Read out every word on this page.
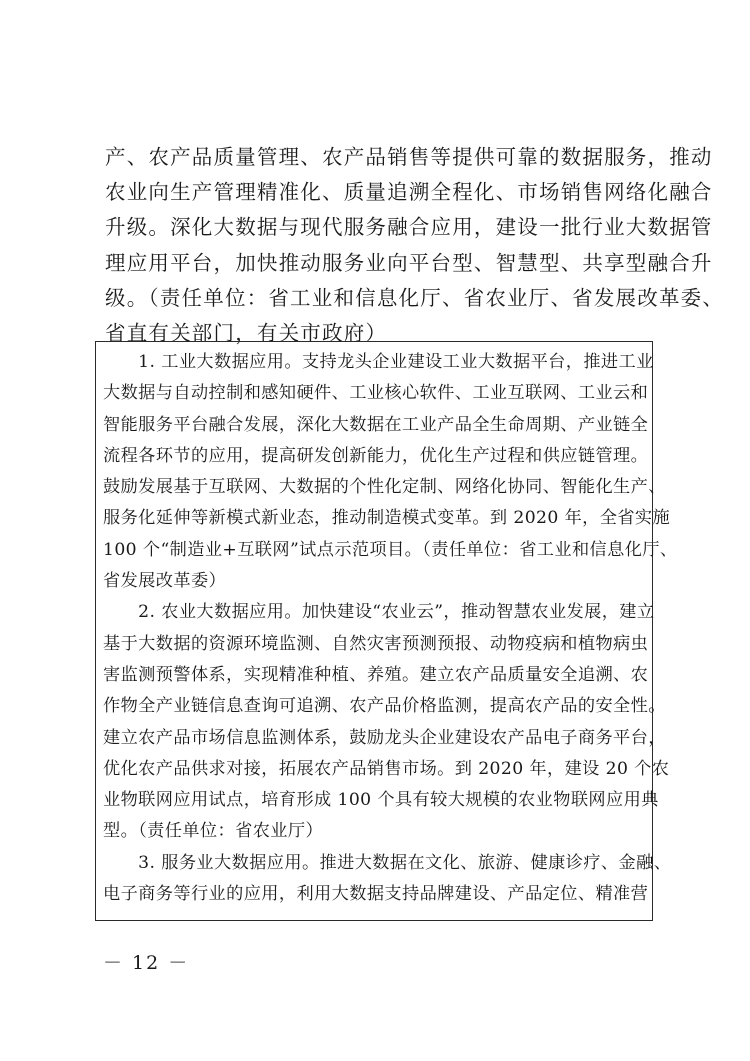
产、农产品质量管理、农产品销售等提供可靠的数据服务，推动
农业向生产管理精准化、质量追溯全程化、市场销售网络化融合
升级。深化大数据与现代服务融合应用，建设一批行业大数据管
理应用平台，加快推动服务业向平台型、智慧型、共享型融合升
级。（责任单位：省工业和信息化厅、省农业厅、省发展改革委、
省直有关部门，有关市政府）
　　1. 工业大数据应用。支持龙头企业建设工业大数据平台，推进工业
大数据与自动控制和感知硬件、工业核心软件、工业互联网、工业云和
智能服务平台融合发展，深化大数据在工业产品全生命周期、产业链全
流程各环节的应用，提高研发创新能力，优化生产过程和供应链管理。
鼓励发展基于互联网、大数据的个性化定制、网络化协同、智能化生产、
服务化延伸等新模式新业态，推动制造模式变革。到 2020 年，全省实施
100 个“制造业+互联网”试点示范项目。（责任单位：省工业和信息化厅、
省发展改革委）
　　2. 农业大数据应用。加快建设“农业云”，推动智慧农业发展，建立
基于大数据的资源环境监测、自然灾害预测预报、动物疫病和植物病虫
害监测预警体系，实现精准种植、养殖。建立农产品质量安全追溯、农
作物全产业链信息查询可追溯、农产品价格监测，提高农产品的安全性。
建立农产品市场信息监测体系，鼓励龙头企业建设农产品电子商务平台，
优化农产品供求对接，拓展农产品销售市场。到 2020 年，建设 20 个农
业物联网应用试点，培育形成 100 个具有较大规模的农业物联网应用典
型。（责任单位：省农业厅）
　　3. 服务业大数据应用。推进大数据在文化、旅游、健康诊疗、金融、
电子商务等行业的应用，利用大数据支持品牌建设、产品定位、精准营
－ 12 －
